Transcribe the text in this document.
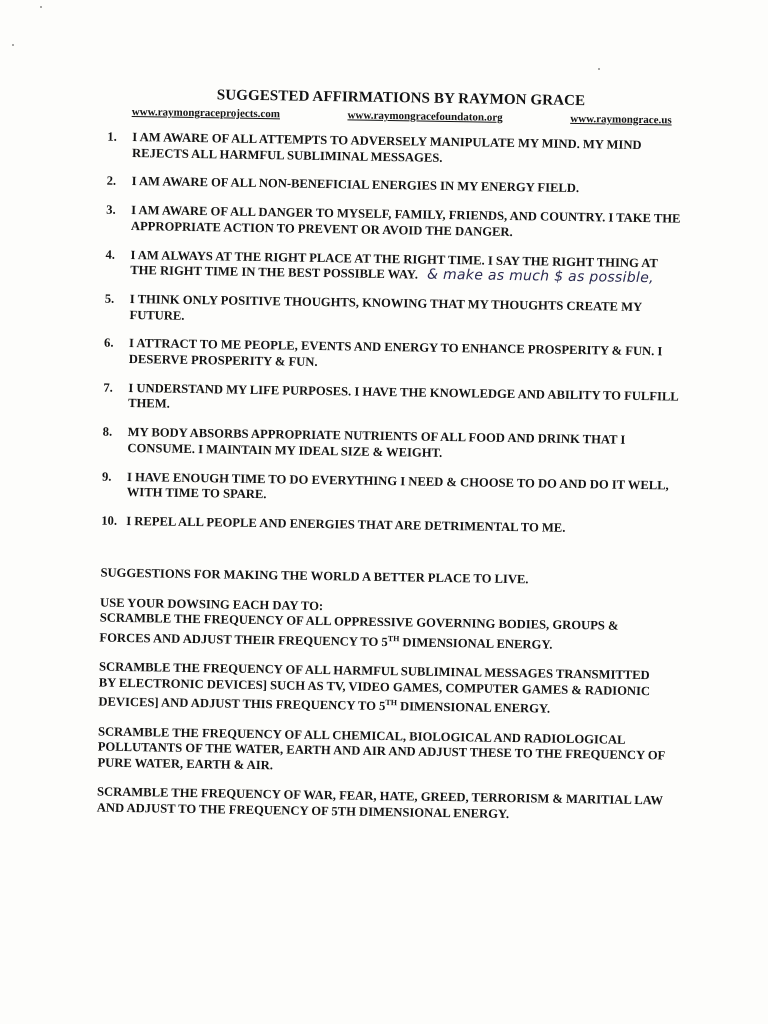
SUGGESTED AFFIRMATIONS BY RAYMON GRACE
www.raymongraceprojects.com	www.raymongracefoundaton.org	www.raymongrace.us
1. I AM AWARE OF ALL ATTEMPTS TO ADVERSELY MANIPULATE MY MIND. MY MIND REJECTS ALL HARMFUL SUBLIMINAL MESSAGES.
2. I AM AWARE OF ALL NON-BENEFICIAL ENERGIES IN MY ENERGY FIELD.
3. I AM AWARE OF ALL DANGER TO MYSELF, FAMILY, FRIENDS, AND COUNTRY. I TAKE THE APPROPRIATE ACTION TO PREVENT OR AVOID THE DANGER.
4. I AM ALWAYS AT THE RIGHT PLACE AT THE RIGHT TIME. I SAY THE RIGHT THING AT THE RIGHT TIME IN THE BEST POSSIBLE WAY. & make as much $ as possible,
5. I THINK ONLY POSITIVE THOUGHTS, KNOWING THAT MY THOUGHTS CREATE MY FUTURE.
6. I ATTRACT TO ME PEOPLE, EVENTS AND ENERGY TO ENHANCE PROSPERITY & FUN. I DESERVE PROSPERITY & FUN.
7. I UNDERSTAND MY LIFE PURPOSES. I HAVE THE KNOWLEDGE AND ABILITY TO FULFILL THEM.
8. MY BODY ABSORBS APPROPRIATE NUTRIENTS OF ALL FOOD AND DRINK THAT I CONSUME. I MAINTAIN MY IDEAL SIZE & WEIGHT.
9. I HAVE ENOUGH TIME TO DO EVERYTHING I NEED & CHOOSE TO DO AND DO IT WELL, WITH TIME TO SPARE.
10. I REPEL ALL PEOPLE AND ENERGIES THAT ARE DETRIMENTAL TO ME.

SUGGESTIONS FOR MAKING THE WORLD A BETTER PLACE TO LIVE.

USE YOUR DOWSING EACH DAY TO:

SCRAMBLE THE FREQUENCY OF ALL OPPRESSIVE GOVERNING BODIES, GROUPS & FORCES AND ADJUST THEIR FREQUENCY TO 5TH DIMENSIONAL ENERGY.

SCRAMBLE THE FREQUENCY OF ALL HARMFUL SUBLIMINAL MESSAGES TRANSMITTED BY ELECTRONIC DEVICES] SUCH AS TV, VIDEO GAMES, COMPUTER GAMES & RADIONIC DEVICES] AND ADJUST THIS FREQUENCY TO 5TH DIMENSIONAL ENERGY.

SCRAMBLE THE FREQUENCY OF ALL CHEMICAL, BIOLOGICAL AND RADIOLOGICAL POLLUTANTS OF THE WATER, EARTH AND AIR AND ADJUST THESE TO THE FREQUENCY OF PURE WATER, EARTH & AIR.

SCRAMBLE THE FREQUENCY OF WAR, FEAR, HATE, GREED, TERRORISM & MARITIAL LAW AND ADJUST TO THE FREQUENCY OF 5TH DIMENSIONAL ENERGY.
